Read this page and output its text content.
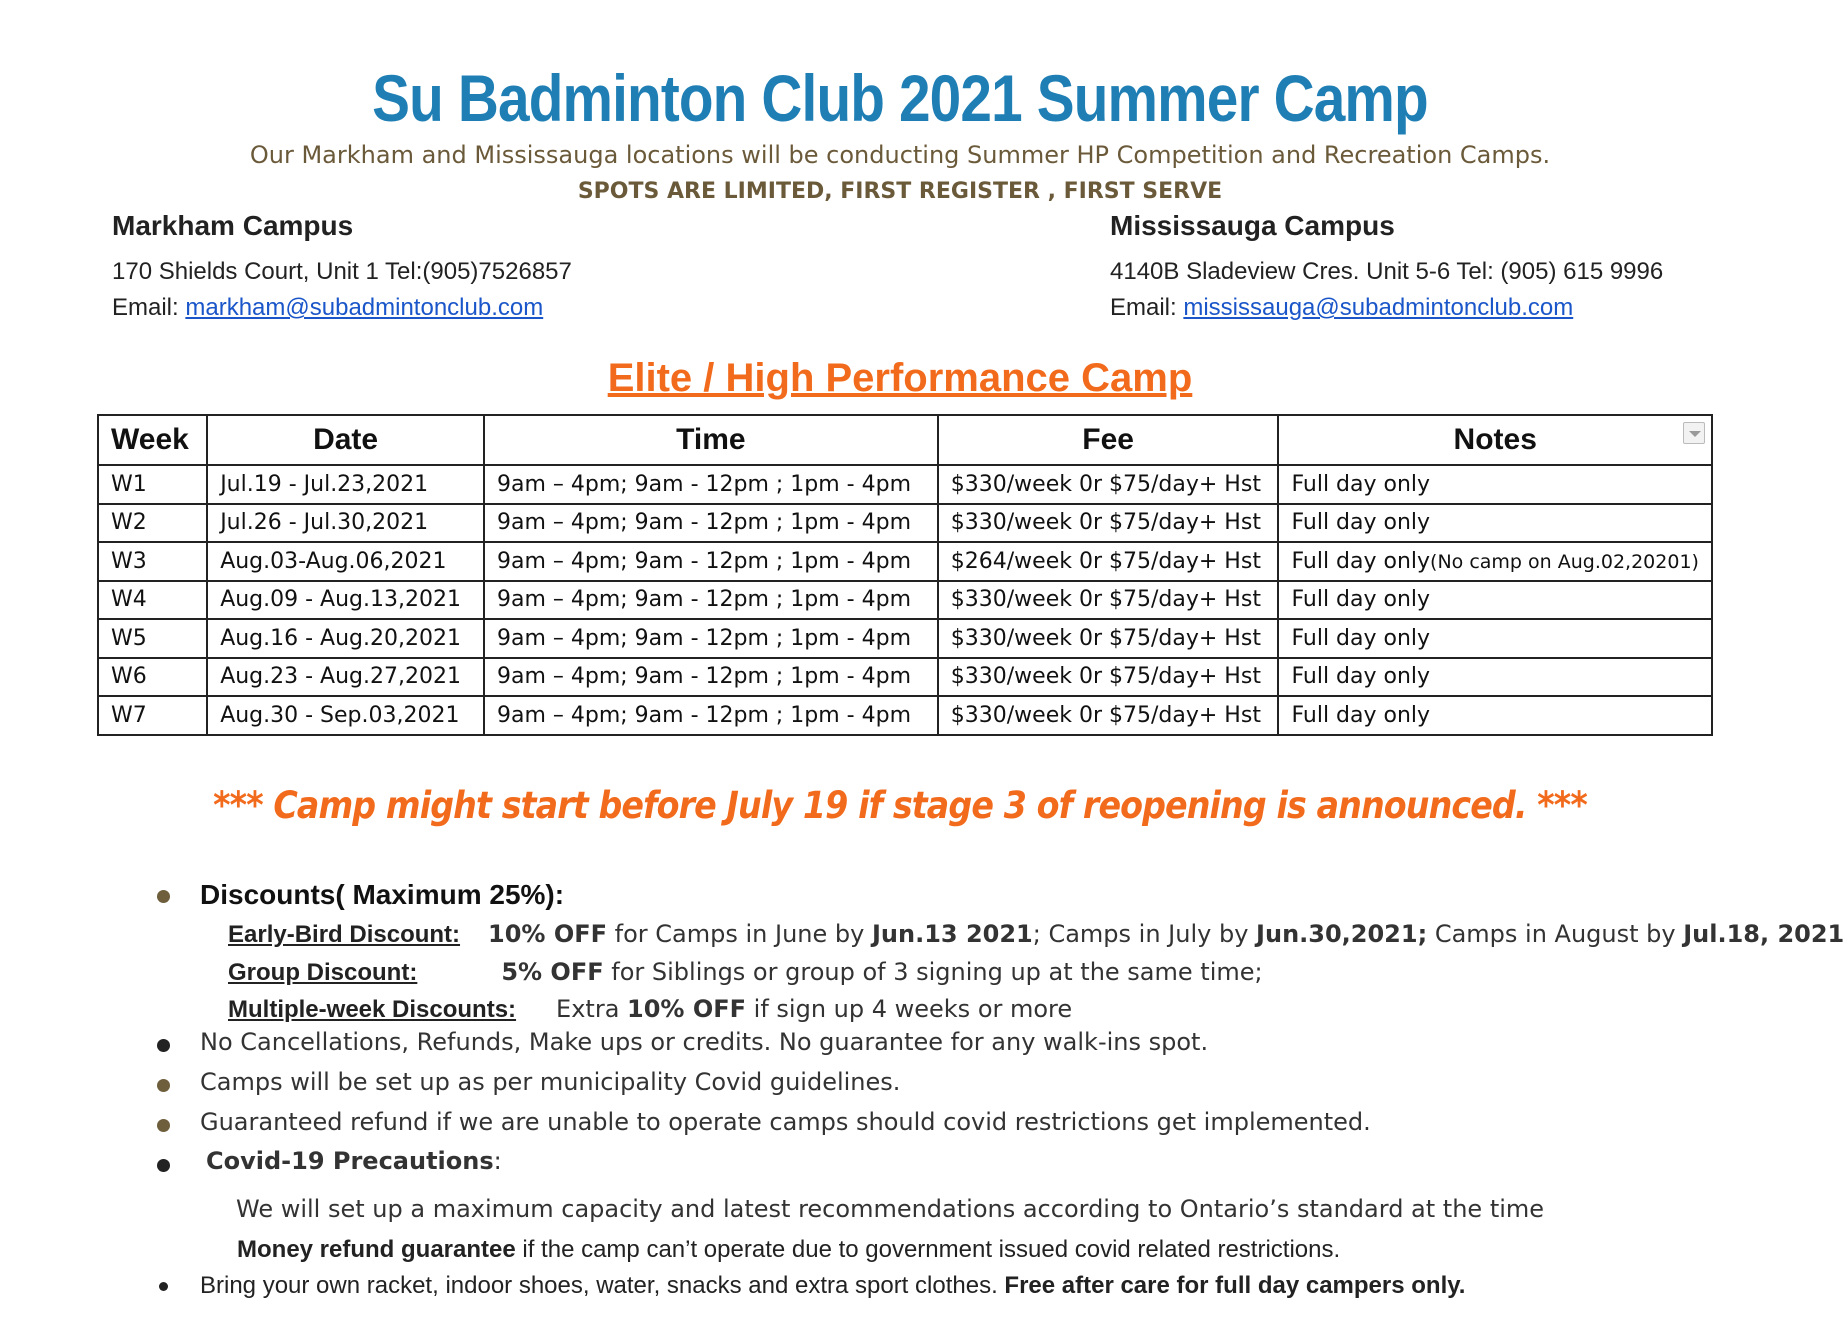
Su Badminton Club 2021 Summer Camp
Our Markham and Mississauga locations will be conducting Summer HP Competition and Recreation Camps.
SPOTS ARE LIMITED, FIRST REGISTER , FIRST SERVE
Markham Campus
170 Shields Court, Unit 1 Tel:(905)7526857
Email: markham@subadmintonclub.com
Mississauga Campus
4140B Sladeview Cres. Unit 5-6 Tel: (905) 615 9996
Email: mississauga@subadmintonclub.com
Elite / High Performance Camp
Week	Date	Time	Fee	Notes

W1	Jul.19 - Jul.23,2021	9am – 4pm; 9am - 12pm ; 1pm - 4pm	$330/week 0r $75/day+ Hst	Full day only
W2	Jul.26 - Jul.30,2021	9am – 4pm; 9am - 12pm ; 1pm - 4pm	$330/week 0r $75/day+ Hst	Full day only
W3	Aug.03-Aug.06,2021	9am – 4pm; 9am - 12pm ; 1pm - 4pm	$264/week 0r $75/day+ Hst	Full day only(No camp on Aug.02,20201)
W4	Aug.09 - Aug.13,2021	9am – 4pm; 9am - 12pm ; 1pm - 4pm	$330/week 0r $75/day+ Hst	Full day only
W5	Aug.16 - Aug.20,2021	9am – 4pm; 9am - 12pm ; 1pm - 4pm	$330/week 0r $75/day+ Hst	Full day only
W6	Aug.23 - Aug.27,2021	9am – 4pm; 9am - 12pm ; 1pm - 4pm	$330/week 0r $75/day+ Hst	Full day only
W7	Aug.30 - Sep.03,2021	9am – 4pm; 9am - 12pm ; 1pm - 4pm	$330/week 0r $75/day+ Hst	Full day only
*** Camp might start before July 19 if stage 3 of reopening is announced. ***
Discounts( Maximum 25%):
Early-Bird Discount: 10% OFF for Camps in June by Jun.13 2021; Camps in July by Jun.30,2021; Camps in August by Jul.18, 2021
Group Discount:	5% OFF for Siblings or group of 3 signing up at the same time;
Multiple-week Discounts: Extra 10% OFF if sign up 4 weeks or more
No Cancellations, Refunds, Make ups or credits. No guarantee for any walk-ins spot.
Camps will be set up as per municipality Covid guidelines.
Guaranteed refund if we are unable to operate camps should covid restrictions get implemented.
Covid-19 Precautions:
We will set up a maximum capacity and latest recommendations according to Ontario’s standard at the time
Money refund guarantee if the camp can’t operate due to government issued covid related restrictions.
Bring your own racket, indoor shoes, water, snacks and extra sport clothes. Free after care for full day campers only.
